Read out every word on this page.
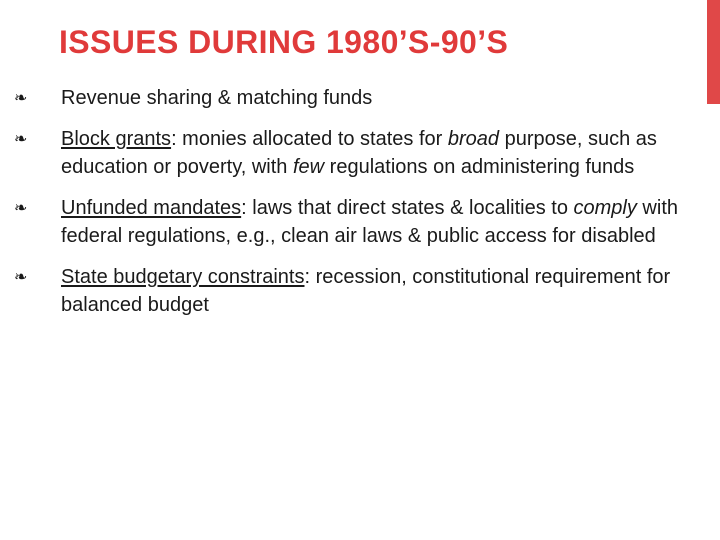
ISSUES DURING 1980’S-90’S
❧	Revenue sharing & matching funds
❧	Block grants: monies allocated to states for broad purpose, such as education or poverty, with few regulations on administering funds
❧	Unfunded mandates: laws that direct states & localities to comply with federal regulations, e.g., clean air laws & public access for disabled
❧	State budgetary constraints: recession, constitutional requirement for balanced budget
